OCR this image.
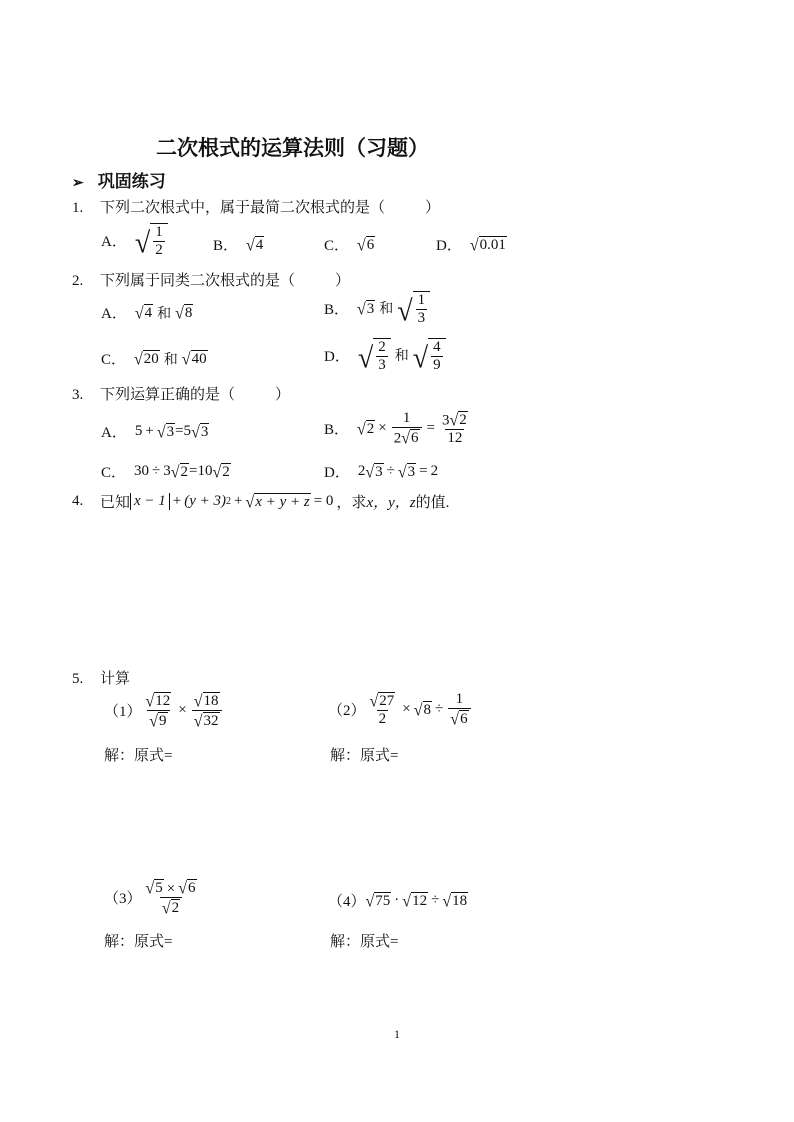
二次根式的运算法则（习题）
➢ 巩固练习
1. 下列二次根式中，属于最简二次根式的是（	）
A． √ $\frac{1}{2}$	B． √ 4	C． √ 6	D． √ 0.01
2. 下列属于同类二次根式的是（	）
A． √ 4 和 √ 8	B． √ 3 和 √ $\frac{1}{3}$
C． √ 20 和 √ 40	D． √ $\frac{2}{3}$ 和 √ $\frac{4}{9}$
3. 下列运算正确的是（	）
A． 5 + √ 3 =5 √ 3	B． √ $2 \times \frac{1}{2 √ 6} = \frac{3 √ 2}{12}$
C． 30 ÷ 3 √ 2 =10 √ 2	D． 2 √ 3 ÷ √ 3 = 2
4.	已知 x − 1 + (y + 3) 2 + √ x + y + z = 0 ，求 x，y，z 的值.
5. 计算
$(1) \frac{√ 12}{√ 9} \times \frac{√ 18}{√ 32}$	$(2) \frac{√ 27}{2}$ × √ $8 \div \frac{1}{√ 6}$
解：原式=	解：原式=
$(3) \frac{√ 5 \times √ 6}{√ 2}$	（4） √ 75 · √ 12 ÷ √ 18
解：原式=	解：原式=
1
